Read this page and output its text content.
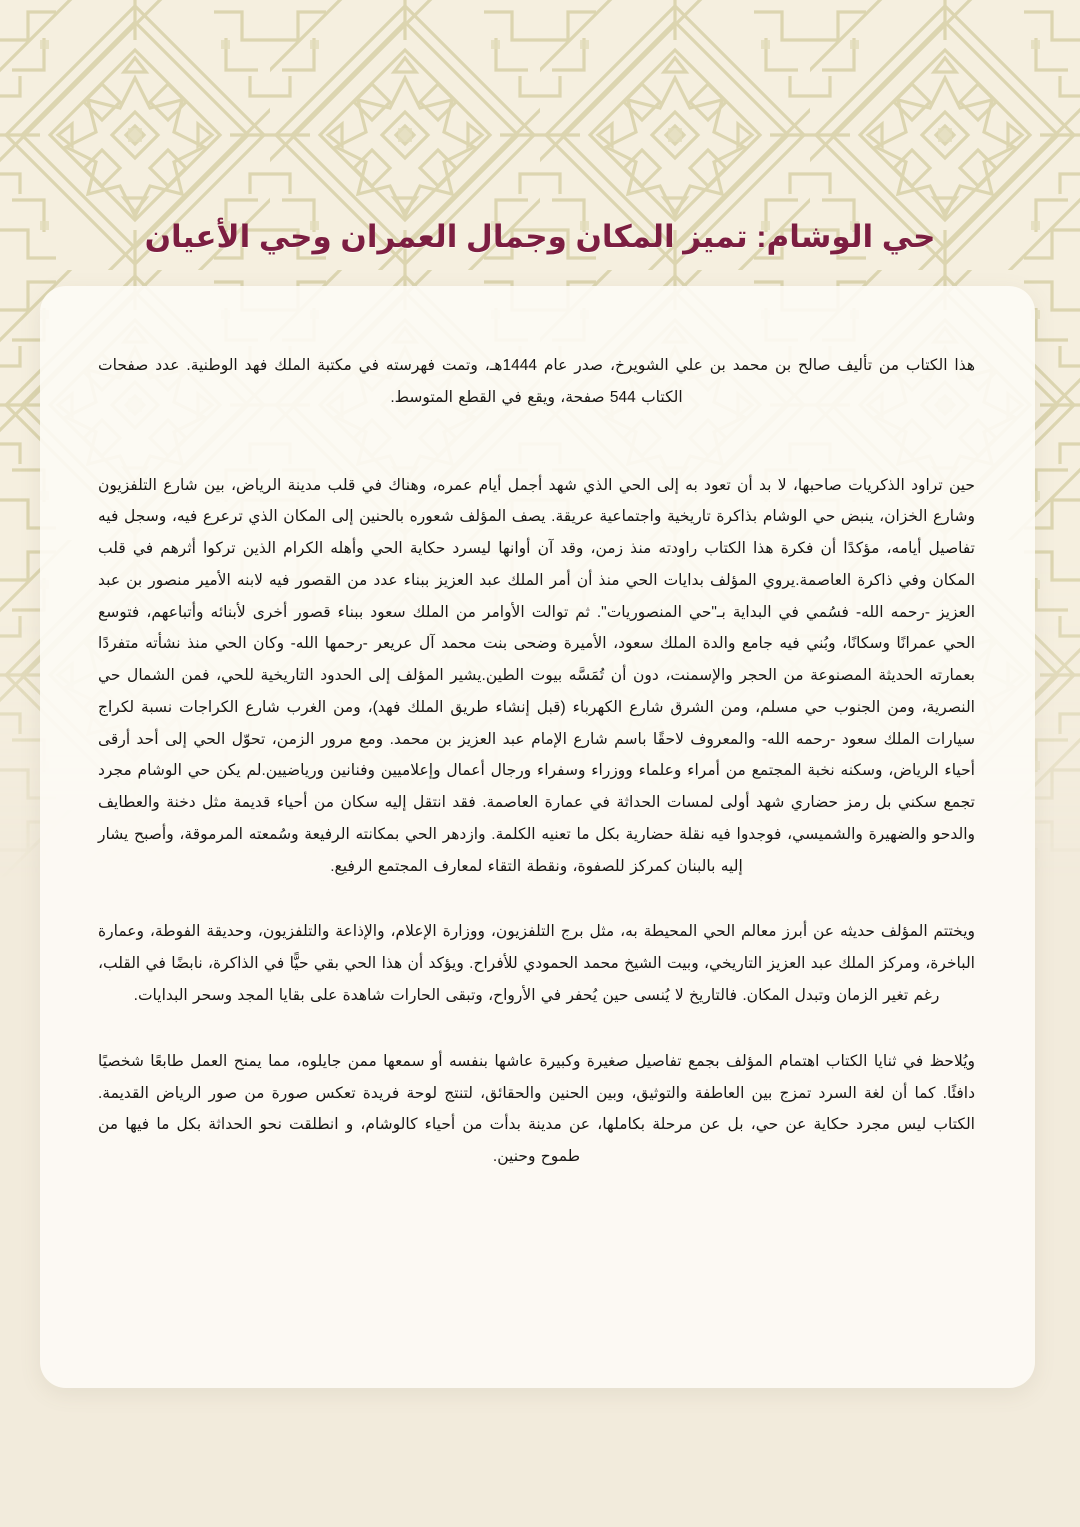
حي الوشام: تميز المكان وجمال العمران وحي الأعيان

هذا الكتاب من تأليف صالح بن محمد بن علي الشويرخ، صدر عام 1444هـ، وتمت فهرسته في مكتبة الملك فهد الوطنية. عدد صفحات الكتاب 544 صفحة، ويقع في القطع المتوسط.

حين تراود الذكريات صاحبها، لا بد أن تعود به إلى الحي الذي شهد أجمل أيام عمره، وهناك في قلب مدينة الرياض، بين شارع التلفزيون وشارع الخزان، ينبض حي الوشام بذاكرة تاريخية واجتماعية عريقة. يصف المؤلف شعوره بالحنين إلى المكان الذي ترعرع فيه، وسجل فيه تفاصيل أيامه، مؤكدًا أن فكرة هذا الكتاب راودته منذ زمن، وقد آن أوانها ليسرد حكاية الحي وأهله الكرام الذين تركوا أثرهم في قلب المكان وفي ذاكرة العاصمة.يروي المؤلف بدايات الحي منذ أن أمر الملك عبد العزيز ببناء عدد من القصور فيه لابنه الأمير منصور بن عبد العزيز -رحمه الله- فسُمي في البداية بـ"حي المنصوريات". ثم توالت الأوامر من الملك سعود ببناء قصور أخرى لأبنائه وأتباعهم، فتوسع الحي عمرانًا وسكانًا، وبُني فيه جامع والدة الملك سعود، الأميرة وضحى بنت محمد آل عريعر -رحمها الله- وكان الحي منذ نشأته متفردًا بعمارته الحديثة المصنوعة من الحجر والإسمنت، دون أن تُمَسَّه بيوت الطين.يشير المؤلف إلى الحدود التاريخية للحي، فمن الشمال حي النصرية، ومن الجنوب حي مسلم، ومن الشرق شارع الكهرباء (قبل إنشاء طريق الملك فهد)، ومن الغرب شارع الكراجات نسبة لكراج سيارات الملك سعود -رحمه الله- والمعروف لاحقًا باسم شارع الإمام عبد العزيز بن محمد. ومع مرور الزمن، تحوّل الحي إلى أحد أرقى أحياء الرياض، وسكنه نخبة المجتمع من أمراء وعلماء ووزراء وسفراء ورجال أعمال وإعلاميين وفنانين ورياضيين.لم يكن حي الوشام مجرد تجمع سكني بل رمز حضاري شهد أولى لمسات الحداثة في عمارة العاصمة. فقد انتقل إليه سكان من أحياء قديمة مثل دخنة والعطايف والدحو والضهيرة والشميسي، فوجدوا فيه نقلة حضارية بكل ما تعنيه الكلمة. وازدهر الحي بمكانته الرفيعة وسُمعته المرموقة، وأصبح يشار إليه بالبنان كمركز للصفوة، ونقطة التقاء لمعارف المجتمع الرفيع.

ويختتم المؤلف حديثه عن أبرز معالم الحي المحيطة به، مثل برج التلفزيون، ووزارة الإعلام، والإذاعة والتلفزيون، وحديقة الفوطة، وعمارة الباخرة، ومركز الملك عبد العزيز التاريخي، وبيت الشيخ محمد الحمودي للأفراح. ويؤكد أن هذا الحي بقي حيًّا في الذاكرة، نابضًا في القلب، رغم تغير الزمان وتبدل المكان. فالتاريخ لا يُنسى حين يُحفر في الأرواح، وتبقى الحارات شاهدة على بقايا المجد وسحر البدايات.

ويُلاحظ في ثنايا الكتاب اهتمام المؤلف بجمع تفاصيل صغيرة وكبيرة عاشها بنفسه أو سمعها ممن جايلوه، مما يمنح العمل طابعًا شخصيًا دافئًا. كما أن لغة السرد تمزج بين العاطفة والتوثيق، وبين الحنين والحقائق، لتنتج لوحة فريدة تعكس صورة من صور الرياض القديمة. الكتاب ليس مجرد حكاية عن حي، بل عن مرحلة بكاملها، عن مدينة بدأت من أحياء كالوشام، و انطلقت نحو الحداثة بكل ما فيها من طموح وحنين.
